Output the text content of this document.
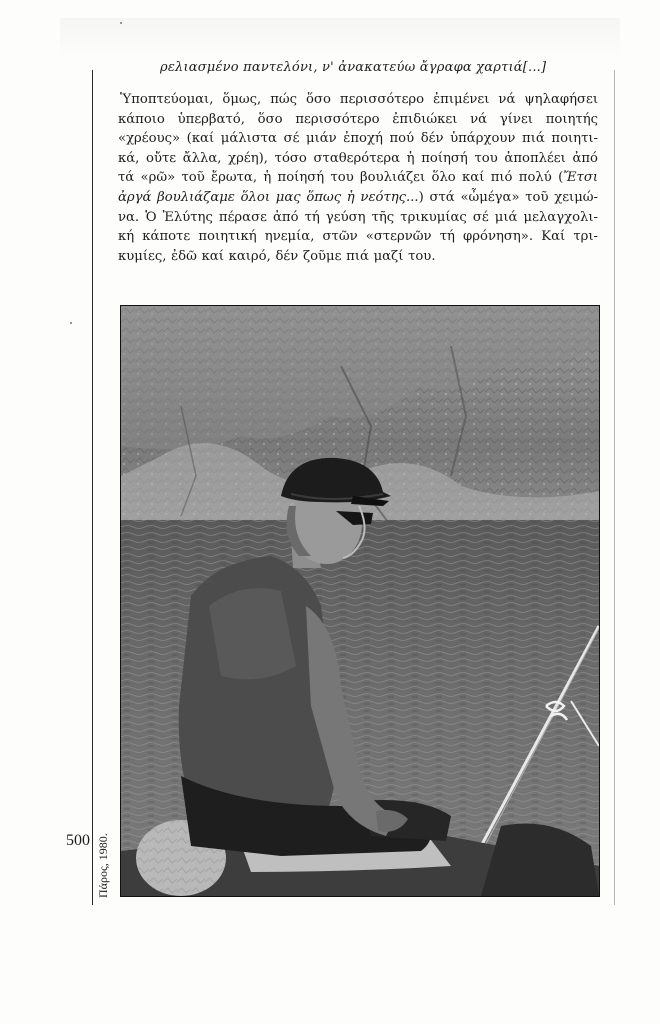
ρελιασμένο παντελόνι, ν' ἀνακατεύω ἄγραφα χαρτιά[...]
Ὑποπτεύομαι, ὅμως, πώς ὅσο περισσότερο ἐπιμένει νά ψηλαφήσει
κάποιο ὑπερβατό, ὅσο περισσότερο ἐπιδιώκει νά γίνει ποιητής
«χρέους» (καί μάλιστα σέ μιάν ἐποχή πού δέν ὑπάρχουν πιά ποιητι-
κά, οὔτε ἄλλα, χρέη), τόσο σταθερότερα ἡ ποίησή του ἀποπλέει ἀπό
τά «ρῶ» τοῦ ἔρωτα, ἡ ποίησή του βουλιάζει ὅλο καί πιό πολύ (Ἔτσι
ἀργά βουλιάζαμε ὅλοι μας ὅπως ἡ νεότης...) στά «ὦμέγα» τοῦ χειμώ-
να. Ὁ Ἐλύτης πέρασε ἀπό τή γεύση τῆς τρικυμίας σέ μιά μελαγχολι-
κή κάποτε ποιητική ηνεμία, στῶν «στερνῶν τή φρόνηση». Καί τρι-
κυμίες, ἐδῶ καί καιρό, δέν ζοῦμε πιά μαζί του.
500 Πάρος, 1980.
